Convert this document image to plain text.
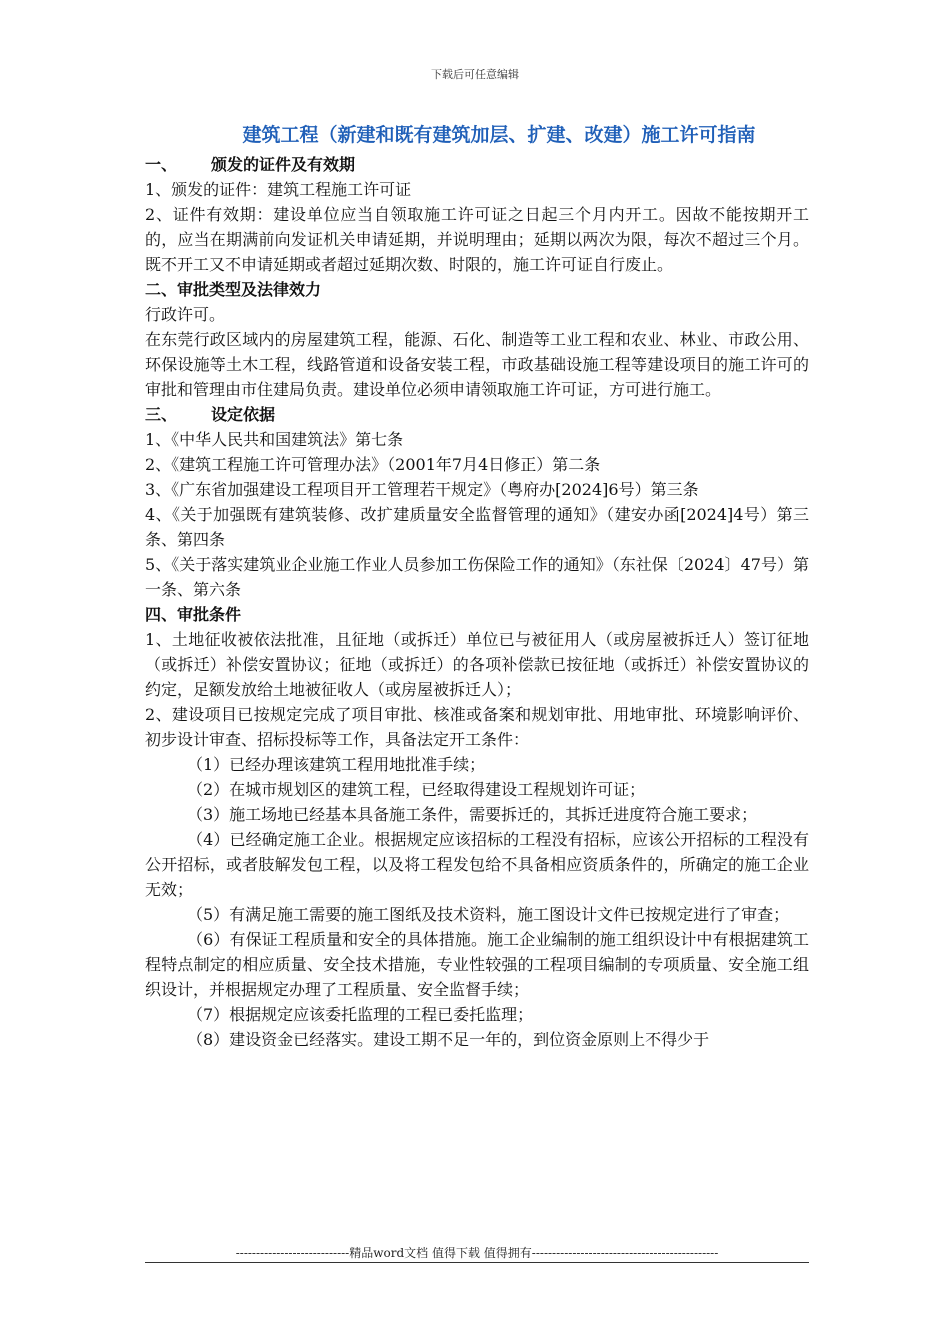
下载后可任意编辑
建筑工程（新建和既有建筑加层、扩建、改建）施工许可指南
一、 颁发的证件及有效期

1、颁发的证件：建筑工程施工许可证

2、证件有效期：建设单位应当自领取施工许可证之日起三个月内开工。因故不能按期开工的，应当在期满前向发证机关申请延期，并说明理由；延期以两次为限，每次不超过三个月。既不开工又不申请延期或者超过延期次数、时限的，施工许可证自行废止。

二、审批类型及法律效力

行政许可。

在东莞行政区域内的房屋建筑工程，能源、石化、制造等工业工程和农业、林业、市政公用、环保设施等土木工程，线路管道和设备安装工程，市政基础设施工程等建设项目的施工许可的审批和管理由市住建局负责。建设单位必须申请领取施工许可证，方可进行施工。

三、 设定依据

1、《中华人民共和国建筑法》第七条

2、《建筑工程施工许可管理办法》（2001年7月4日修正）第二条

3、《广东省加强建设工程项目开工管理若干规定》（粤府办[2024]6号）第三条

4、《关于加强既有建筑装修、改扩建质量安全监督管理的通知》（建安办函[2024]4号）第三条、第四条

5、《关于落实建筑业企业施工作业人员参加工伤保险工作的通知》（东社保〔2024〕47号）第一条、第六条

四、审批条件

1、土地征收被依法批准，且征地（或拆迁）单位已与被征用人（或房屋被拆迁人）签订征地（或拆迁）补偿安置协议；征地（或拆迁）的各项补偿款已按征地（或拆迁）补偿安置协议的约定，足额发放给土地被征收人（或房屋被拆迁人）；

2、建设项目已按规定完成了项目审批、核准或备案和规划审批、用地审批、环境影响评价、初步设计审查、招标投标等工作，具备法定开工条件：

（1）已经办理该建筑工程用地批准手续；

（2）在城市规划区的建筑工程，已经取得建设工程规划许可证；

（3）施工场地已经基本具备施工条件，需要拆迁的，其拆迁进度符合施工要求；

（4）已经确定施工企业。根据规定应该招标的工程没有招标，应该公开招标的工程没有公开招标，或者肢解发包工程，以及将工程发包给不具备相应资质条件的，所确定的施工企业无效；

（5）有满足施工需要的施工图纸及技术资料，施工图设计文件已按规定进行了审查；

（6）有保证工程质量和安全的具体措施。施工企业编制的施工组织设计中有根据建筑工程特点制定的相应质量、安全技术措施，专业性较强的工程项目编制的专项质量、安全施工组织设计，并根据规定办理了工程质量、安全监督手续；

（7）根据规定应该委托监理的工程已委托监理；

（8）建设资金已经落实。建设工期不足一年的，到位资金原则上不得少于

----------------------------精品word文档 值得下载 值得拥有----------------------------------------------
